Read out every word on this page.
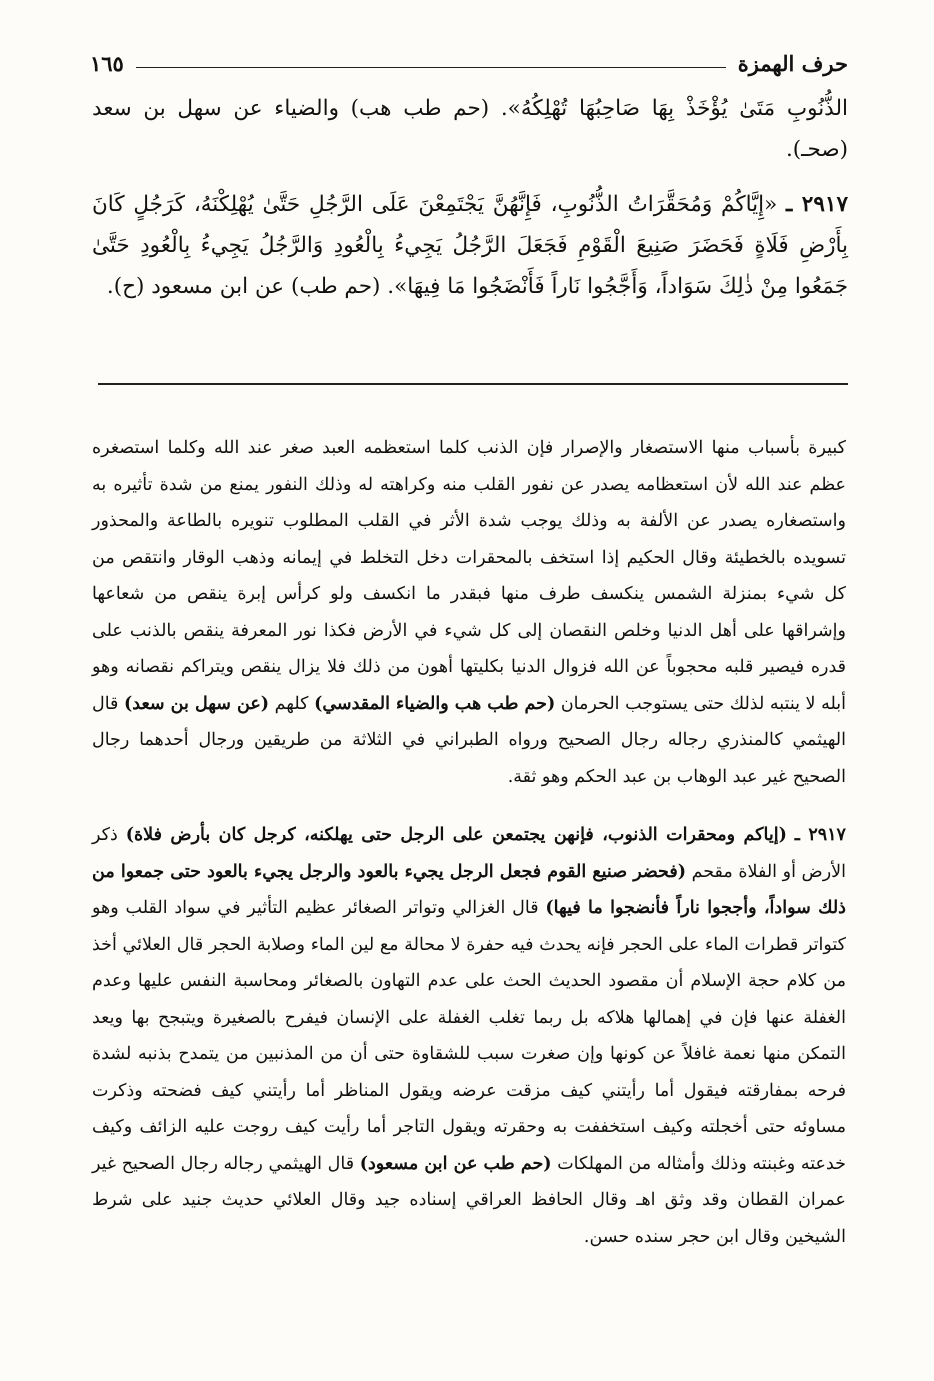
حرف الهمزة
١٦٥

الذُّنُوبِ مَتَىٰ يُؤْخَذْ بِهَا صَاحِبُهَا تُهْلِكُهُ». (حم طب هب) والضياء عن سهل بن سعد (صحـ).

٢٩١٧ ـ «إِيَّاكُمْ وَمُحَقَّرَاتُ الذُّنُوبِ، فَإِنَّهُنَّ يَجْتَمِعْنَ عَلَى الرَّجُلِ حَتَّىٰ يُهْلِكْنَهُ، كَرَجُلٍ كَانَ بِأَرْضِ فَلَاةٍ فَحَضَرَ صَنِيعَ الْقَوْمِ فَجَعَلَ الرَّجُلُ يَجِيءُ بِالْعُودِ وَالرَّجُلُ يَجِيءُ بِالْعُودِ حَتَّىٰ جَمَعُوا مِنْ ذٰلِكَ سَوَاداً، وَأَجَّجُوا نَاراً فَأَنْضَجُوا مَا فِيهَا». (حم طب) عن ابن مسعود (ح).

كبيرة بأسباب منها الاستصغار والإصرار فإن الذنب كلما استعظمه العبد صغر عند الله وكلما استصغره عظم عند الله لأن استعظامه يصدر عن نفور القلب منه وكراهته له وذلك النفور يمنع من شدة تأثيره به واستصغاره يصدر عن الألفة به وذلك يوجب شدة الأثر في القلب المطلوب تنويره بالطاعة والمحذور تسويده بالخطيئة وقال الحكيم إذا استخف بالمحقرات دخل التخلط في إيمانه وذهب الوقار وانتقص من كل شيء بمنزلة الشمس ينكسف طرف منها فبقدر ما انكسف ولو كرأس إبرة ينقص من شعاعها وإشراقها على أهل الدنيا وخلص النقصان إلى كل شيء في الأرض فكذا نور المعرفة ينقص بالذنب على قدره فيصير قلبه محجوباً عن الله فزوال الدنيا بكليتها أهون من ذلك فلا يزال ينقص ويتراكم نقصانه وهو أبله لا ينتبه لذلك حتى يستوجب الحرمان (حم طب هب والضياء المقدسي) كلهم (عن سهل بن سعد) قال الهيثمي كالمنذري رجاله رجال الصحيح ورواه الطبراني في الثلاثة من طريقين ورجال أحدهما رجال الصحيح غير عبد الوهاب بن عبد الحكم وهو ثقة.

٢٩١٧ ـ (إياكم ومحقرات الذنوب، فإنهن يجتمعن على الرجل حتى يهلكنه، كرجل كان بأرض فلاة) ذكر الأرض أو الفلاة مقحم (فحضر صنيع القوم فجعل الرجل يجيء بالعود والرجل يجيء بالعود حتى جمعوا من ذلك سواداً، وأججوا ناراً فأنضجوا ما فيها) قال الغزالي وتواتر الصغائر عظيم التأثير في سواد القلب وهو كتواتر قطرات الماء على الحجر فإنه يحدث فيه حفرة لا محالة مع لين الماء وصلابة الحجر قال العلائي أخذ من كلام حجة الإسلام أن مقصود الحديث الحث على عدم التهاون بالصغائر ومحاسبة النفس عليها وعدم الغفلة عنها فإن في إهمالها هلاكه بل ربما تغلب الغفلة على الإنسان فيفرح بالصغيرة ويتبجح بها ويعد التمكن منها نعمة غافلاً عن كونها وإن صغرت سبب للشقاوة حتى أن من المذنبين من يتمدح بذنبه لشدة فرحه بمفارقته فيقول أما رأيتني كيف مزقت عرضه ويقول المناظر أما رأيتني كيف فضحته وذكرت مساوئه حتى أخجلته وكيف استخففت به وحقرته ويقول التاجر أما رأيت كيف روجت عليه الزائف وكيف خدعته وغبنته وذلك وأمثاله من المهلكات (حم طب عن ابن مسعود) قال الهيثمي رجاله رجال الصحيح غير عمران القطان وقد وثق اهـ وقال الحافظ العراقي إسناده جيد وقال العلائي حديث جنيد على شرط الشيخين وقال ابن حجر سنده حسن.
